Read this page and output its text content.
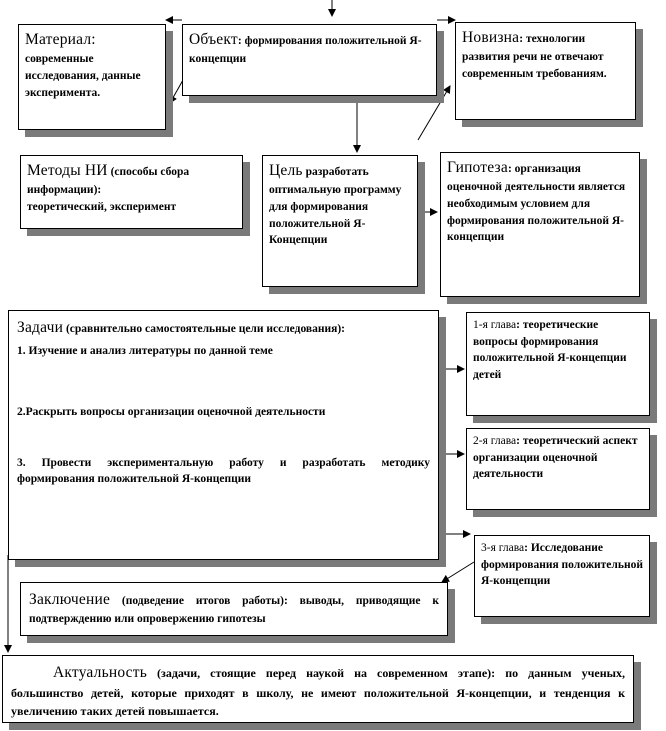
Материал:
современные исследования, данные эксперимента.
Объект: формирования положительной Я-концепции
Новизна: технологии развития речи не отвечают современным требованиям.
Методы НИ (способы сбора информации):
теоретический, эксперимент
Цель разработать оптимальную программу для формирования положительной Я-Концепции
Гипотеза: организация оценочной деятельности является необходимым условием для формирования положительной Я-концепции
Задачи (сравнительно самостоятельные цели исследования):

1. Изучение и анализ литературы по данной теме

2.Раскрыть вопросы организации оценочной деятельности

3. Провести экспериментальную работу и разработать методику формирования положительной Я-концепции

1-я глава: теоретические вопросы формирования положительной Я-концепции детей
2-я глава: теоретический аспект организации оценочной деятельности
3-я глава: Исследование формирования положительной Я-концепции
Заключение (подведение итогов работы): выводы, приводящие к подтверждению или опровержению гипотезы
Актуальность (задачи, стоящие перед наукой на современном этапе): по данным ученых, большинство детей, которые приходят в школу, не имеют положительной Я-концепции, и тенденция к увеличению таких детей повышается.
